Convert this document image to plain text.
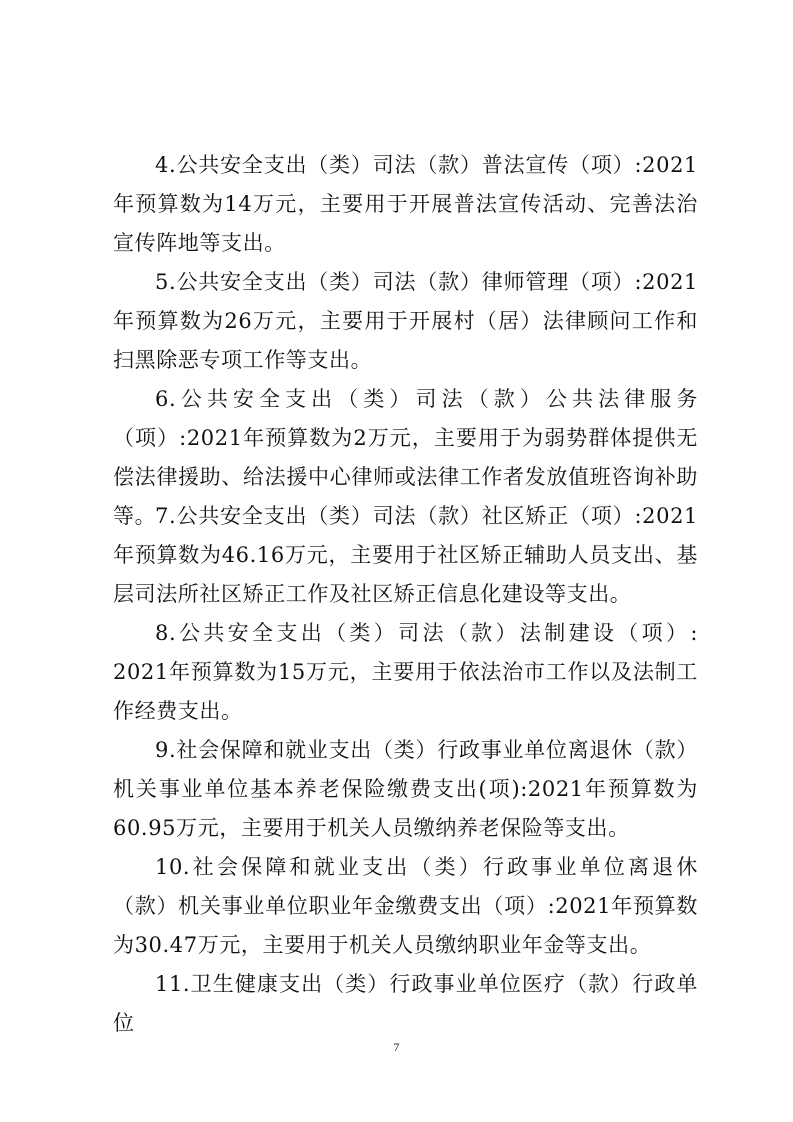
4.公共安全支出（类）司法（款）普法宣传（项）:2021年预算数为14万元，主要用于开展普法宣传活动、完善法治宣传阵地等支出。

5.公共安全支出（类）司法（款）律师管理（项）:2021年预算数为26万元，主要用于开展村（居）法律顾问工作和扫黑除恶专项工作等支出。

6.公共安全支出（类）司法（款）公共法律服务（项）:2021年预算数为2万元，主要用于为弱势群体提供无偿法律援助、给法援中心律师或法律工作者发放值班咨询补助等。

7.公共安全支出（类）司法（款）社区矫正（项）:2021年预算数为46.16万元，主要用于社区矫正辅助人员支出、基层司法所社区矫正工作及社区矫正信息化建设等支出。

8.公共安全支出（类）司法（款）法制建设（项）: 2021年预算数为15万元，主要用于依法治市工作以及法制工作经费支出。

9.社会保障和就业支出（类）行政事业单位离退休（款）机关事业单位基本养老保险缴费支出(项):2021年预算数为60.95万元，主要用于机关人员缴纳养老保险等支出。

10.社会保障和就业支出（类）行政事业单位离退休（款）机关事业单位职业年金缴费支出（项）:2021年预算数为30.47万元，主要用于机关人员缴纳职业年金等支出。

11.卫生健康支出（类）行政事业单位医疗（款）行政单位

7
